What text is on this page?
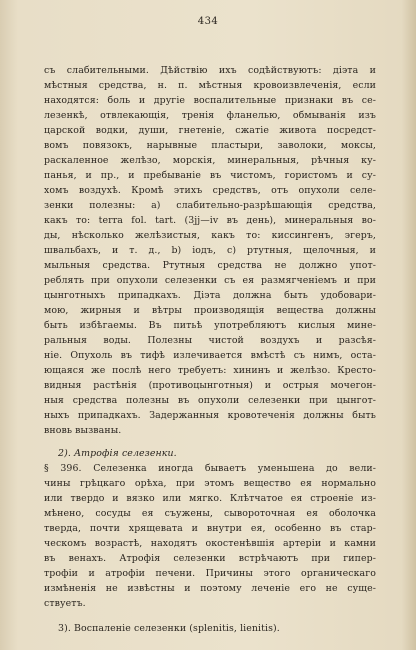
434
съ слабительными. Дѣйствію ихъ содѣйствуютъ: діэта и
мѣстныя средства, н. п. мѣстныя кровоизвлеченія, если
находятся: боль и другіе воспалительные признаки въ се-
лезенкѣ, отвлекающія, тренія фланелью, обмыванія изъ
царской водки, души, гнетеніе, сжатіе живота посредст-
вомъ повязокъ, нарывные пластыри, заволоки, моксы,
раскаленное желѣзо, морскія, минеральныя, рѣчныя ку-
панья, и пр., и пребываніе въ чистомъ, гористомъ и су-
хомъ воздухѣ. Кромѣ этихъ средствъ, отъ опухоли селе-
зенки полезны: а) слабительно-разрѣшающія средства,
какъ то: terra fol. tart. (3jj—iv въ день), минеральныя во-
ды, нѣсколько желѣзистыя, какъ то: киссингенъ, эгеръ,
швальбахъ, и т. д., b) іодъ, c) ртутныя, щелочныя, и
мыльныя средства. Ртутныя средства не должно упот-
реблять при опухоли селезенки съ ея размягченіемъ и при
цынготныхъ припадкахъ. Діэта должна быть удобовари-
мою, жирныя и вѣтры производящія вещества должны
быть избѣгаемы. Въ питьѣ употребляютъ кислыя мине-
ральныя воды. Полезны чистой воздухъ и разсѣя-
ніе. Опухоль въ тифѣ излечивается вмѣстѣ съ нимъ, оста-
ющаяся же послѣ него требуетъ: хининъ и желѣзо. Кресто-
видныя растѣнія (противоцынготныя) и острыя мочегон-
ныя средства полезны въ опухоли селезенки при цынгот-
ныхъ припадкахъ. Задержанныя кровотеченія должны быть
вновь вызваны.
2). Атрофія селезенки.
§ 396. Селезенка иногда бываетъ уменьшена до вели-
чины грѣцкаго орѣха, при этомъ вещество ея нормально
или твердо и вязко или мягко. Клѣтчатое ея строеніе из-
мѣнено, сосуды ея съужены, сывороточная ея оболочка
тверда, почти хрящевата и внутри ея, особенно въ стар-
ческомъ возрастѣ, находятъ окостенѣвшія артеріи и камни
въ венахъ. Атрофія селезенки встрѣчаютъ при гипер-
трофіи и атрофіи печени. Причины этого органическаго
измѣненія не извѣстны и поэтому леченіе его не суще-
ствуетъ.
3). Воспаленіе селезенки (splenitis, lienitis).
